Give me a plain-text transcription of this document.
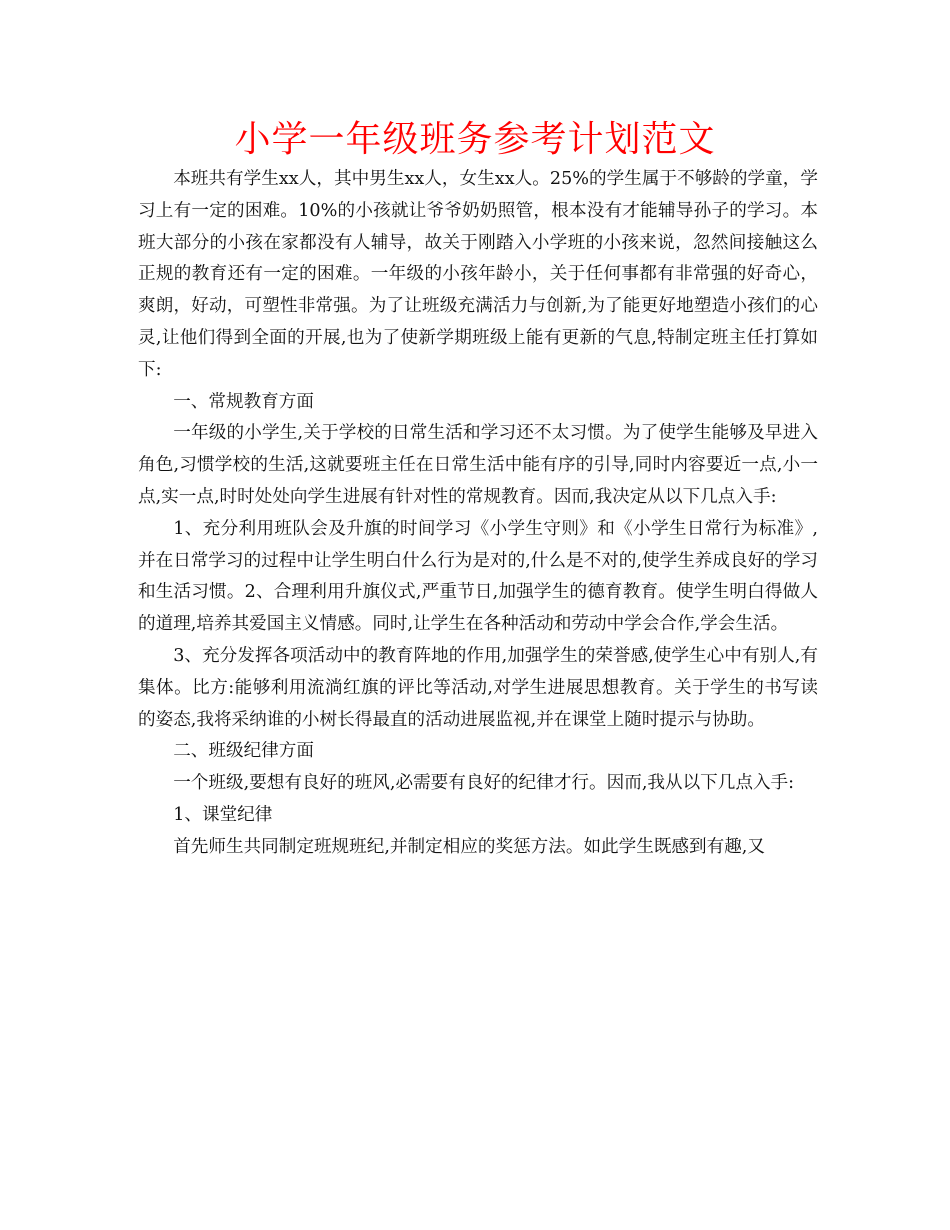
小学一年级班务参考计划范文

本班共有学生xx人，其中男生xx人，女生xx人。25%的学生属于不够龄的学童，学习上有一定的困难。10%的小孩就让爷爷奶奶照管，根本没有才能辅导孙子的学习。本班大部分的小孩在家都没有人辅导，故关于刚踏入小学班的小孩来说，忽然间接触这么正规的教育还有一定的困难。一年级的小孩年龄小，关于任何事都有非常强的好奇心，爽朗，好动，可塑性非常强。为了让班级充满活力与创新,为了能更好地塑造小孩们的心灵,让他们得到全面的开展,也为了使新学期班级上能有更新的气息,特制定班主任打算如下:

一、常规教育方面

一年级的小学生,关于学校的日常生活和学习还不太习惯。为了使学生能够及早进入角色,习惯学校的生活,这就要班主任在日常生活中能有序的引导,同时内容要近一点,小一点,实一点,时时处处向学生进展有针对性的常规教育。因而,我决定从以下几点入手:

1、充分利用班队会及升旗的时间学习《小学生守则》和《小学生日常行为标准》,并在日常学习的过程中让学生明白什么行为是对的,什么是不对的,使学生养成良好的学习和生活习惯。2、合理利用升旗仪式,严重节日,加强学生的德育教育。使学生明白得做人的道理,培养其爱国主义情感。同时,让学生在各种活动和劳动中学会合作,学会生活。

3、充分发挥各项活动中的教育阵地的作用,加强学生的荣誉感,使学生心中有别人,有集体。比方:能够利用流淌红旗的评比等活动,对学生进展思想教育。关于学生的书写读的姿态,我将采纳谁的小树长得最直的活动进展监视,并在课堂上随时提示与协助。

二、班级纪律方面

一个班级,要想有良好的班风,必需要有良好的纪律才行。因而,我从以下几点入手:

1、课堂纪律

首先师生共同制定班规班纪,并制定相应的奖惩方法。如此学生既感到有趣,又
